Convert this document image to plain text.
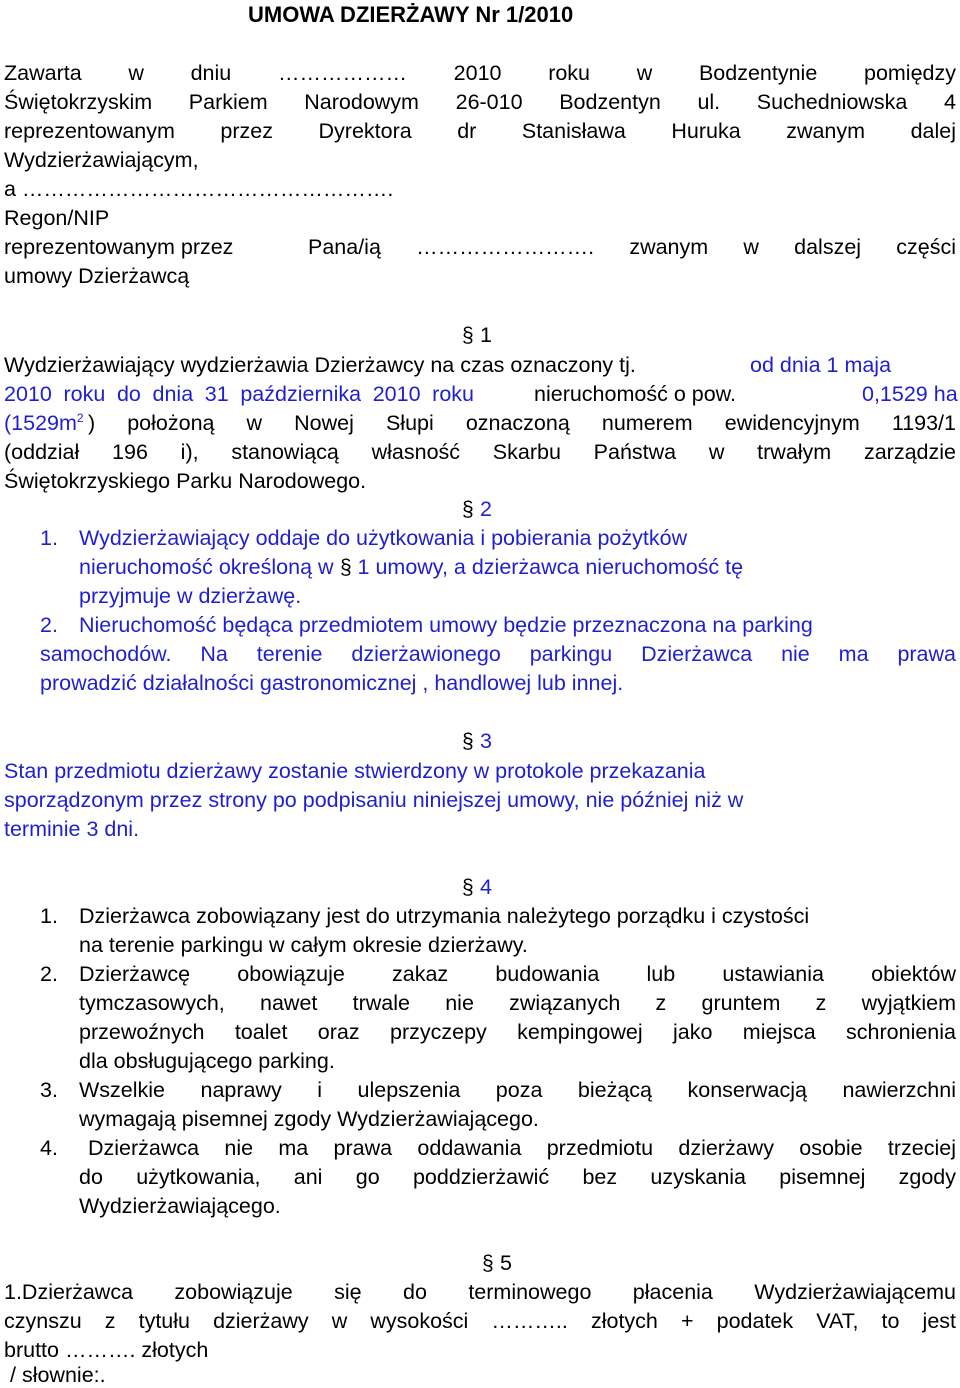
UMOWA DZIERŻAWY Nr 1/2010
Zawarta w dniu ……………… 2010 roku w Bodzentynie pomiędzy
Świętokrzyskim Parkiem Narodowym 26-010 Bodzentyn ul. Suchedniowska 4
reprezentowanym przez Dyrektora dr Stanisława Huruka zwanym dalej
Wydzierżawiającym,
a …………………………………………….
Regon/NIP
reprezentowanym przez	Pana/ią ……………………. zwanym w dalszej części
umowy Dzierżawcą
§ 1
Wydzierżawiający wydzierżawia Dzierżawcy na czas oznaczony tj.	od dnia 1 maja
2010 roku do dnia 31 października 2010 roku	nieruchomość o pow.	0,1529 ha
($1529m^2$ ) położoną w Nowej Słupi oznaczoną numerem ewidencyjnym 1193/1
(oddział 196 i), stanowiącą własność Skarbu Państwa w trwałym zarządzie
Świętokrzyskiego Parku Narodowego.
§ 2
1. Wydzierżawiający oddaje do użytkowania i pobierania pożytków
nieruchomość określoną w § 1 umowy, a dzierżawca nieruchomość tę
przyjmuje w dzierżawę.
2. Nieruchomość będąca przedmiotem umowy będzie przeznaczona na parking
samochodów. Na terenie dzierżawionego parkingu Dzierżawca nie ma prawa
prowadzić działalności gastronomicznej , handlowej lub innej.
§ 3
Stan przedmiotu dzierżawy zostanie stwierdzony w protokole przekazania
sporządzonym przez strony po podpisaniu niniejszej umowy, nie później niż w
terminie 3 dni.
§ 4
1. Dzierżawca zobowiązany jest do utrzymania należytego porządku i czystości
na terenie parkingu w całym okresie dzierżawy.
2. Dzierżawcę obowiązuje zakaz budowania lub ustawiania obiektów
tymczasowych, nawet trwale nie związanych z gruntem z wyjątkiem
przewoźnych toalet oraz przyczepy kempingowej jako miejsca schronienia
dla obsługującego parking.
3. Wszelkie naprawy i ulepszenia poza bieżącą konserwacją nawierzchni
wymagają pisemnej zgody Wydzierżawiającego.
4. Dzierżawca nie ma prawa oddawania przedmiotu dzierżawy osobie trzeciej
do użytkowania, ani go poddzierżawić bez uzyskania pisemnej zgody
Wydzierżawiającego.
§ 5
1.Dzierżawca zobowiązuje się do terminowego płacenia Wydzierżawiającemu
czynszu z tytułu dzierżawy w wysokości ……….. złotych + podatek VAT, to jest
brutto ………. złotych
/ słownie:.
